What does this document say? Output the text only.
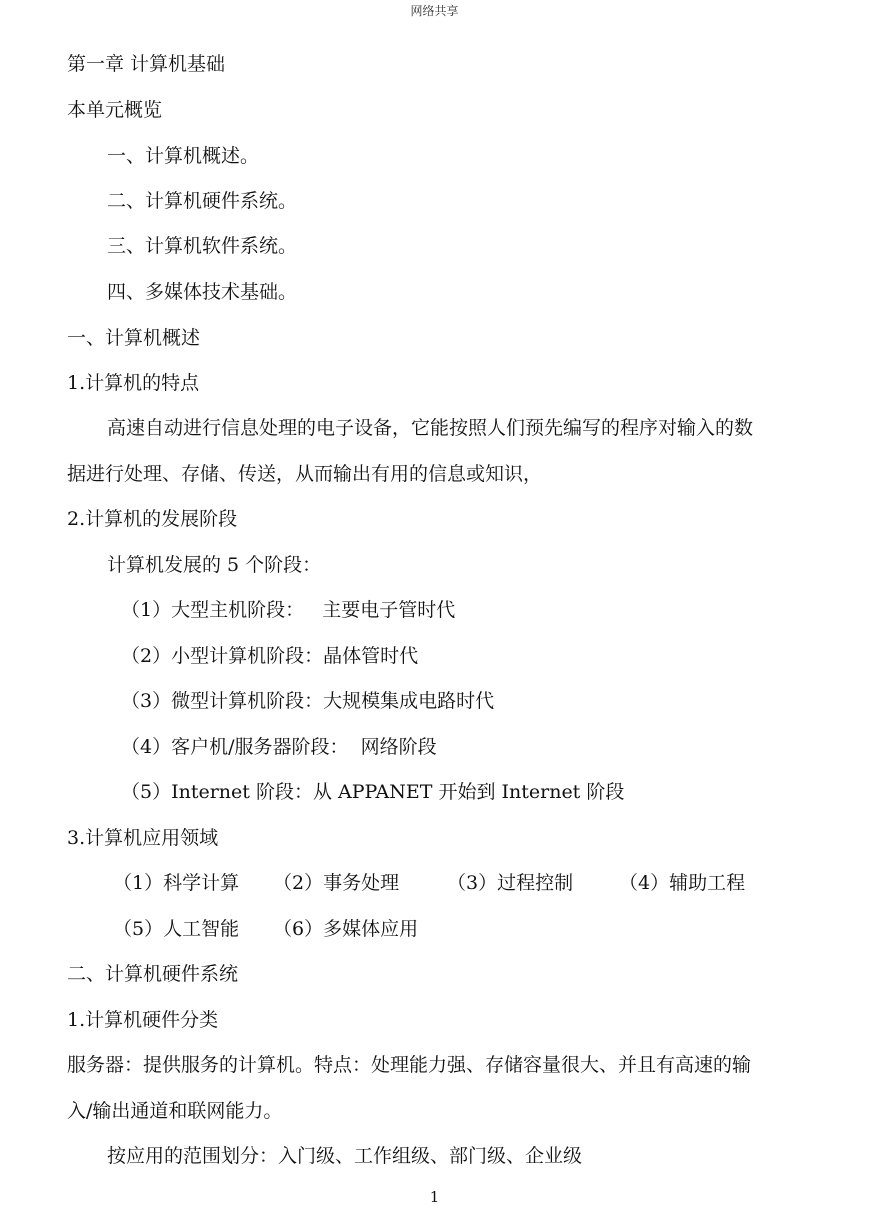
网络共享
第一章 计算机基础
本单元概览
一、计算机概述。
二、计算机硬件系统。
三、计算机软件系统。
四、多媒体技术基础。
一、计算机概述
1.计算机的特点
高速自动进行信息处理的电子设备，它能按照人们预先编写的程序对输入的数
据进行处理、存储、传送，从而输出有用的信息或知识，
2.计算机的发展阶段
计算机发展的 5 个阶段：
（1）大型主机阶段：   主要电子管时代
（2）小型计算机阶段：晶体管时代
（3）微型计算机阶段：大规模集成电路时代
（4）客户机/服务器阶段：  网络阶段
（5）Internet 阶段：从 APPANET 开始到 Internet 阶段
3.计算机应用领域
（1）科学计算 （2）事务处理	（3）过程控制 （4）辅助工程
（5）人工智能 （6）多媒体应用
二、计算机硬件系统
1.计算机硬件分类
服务器：提供服务的计算机。特点：处理能力强、存储容量很大、并且有高速的输
入/输出通道和联网能力。
按应用的范围划分：入门级、工作组级、部门级、企业级
1
